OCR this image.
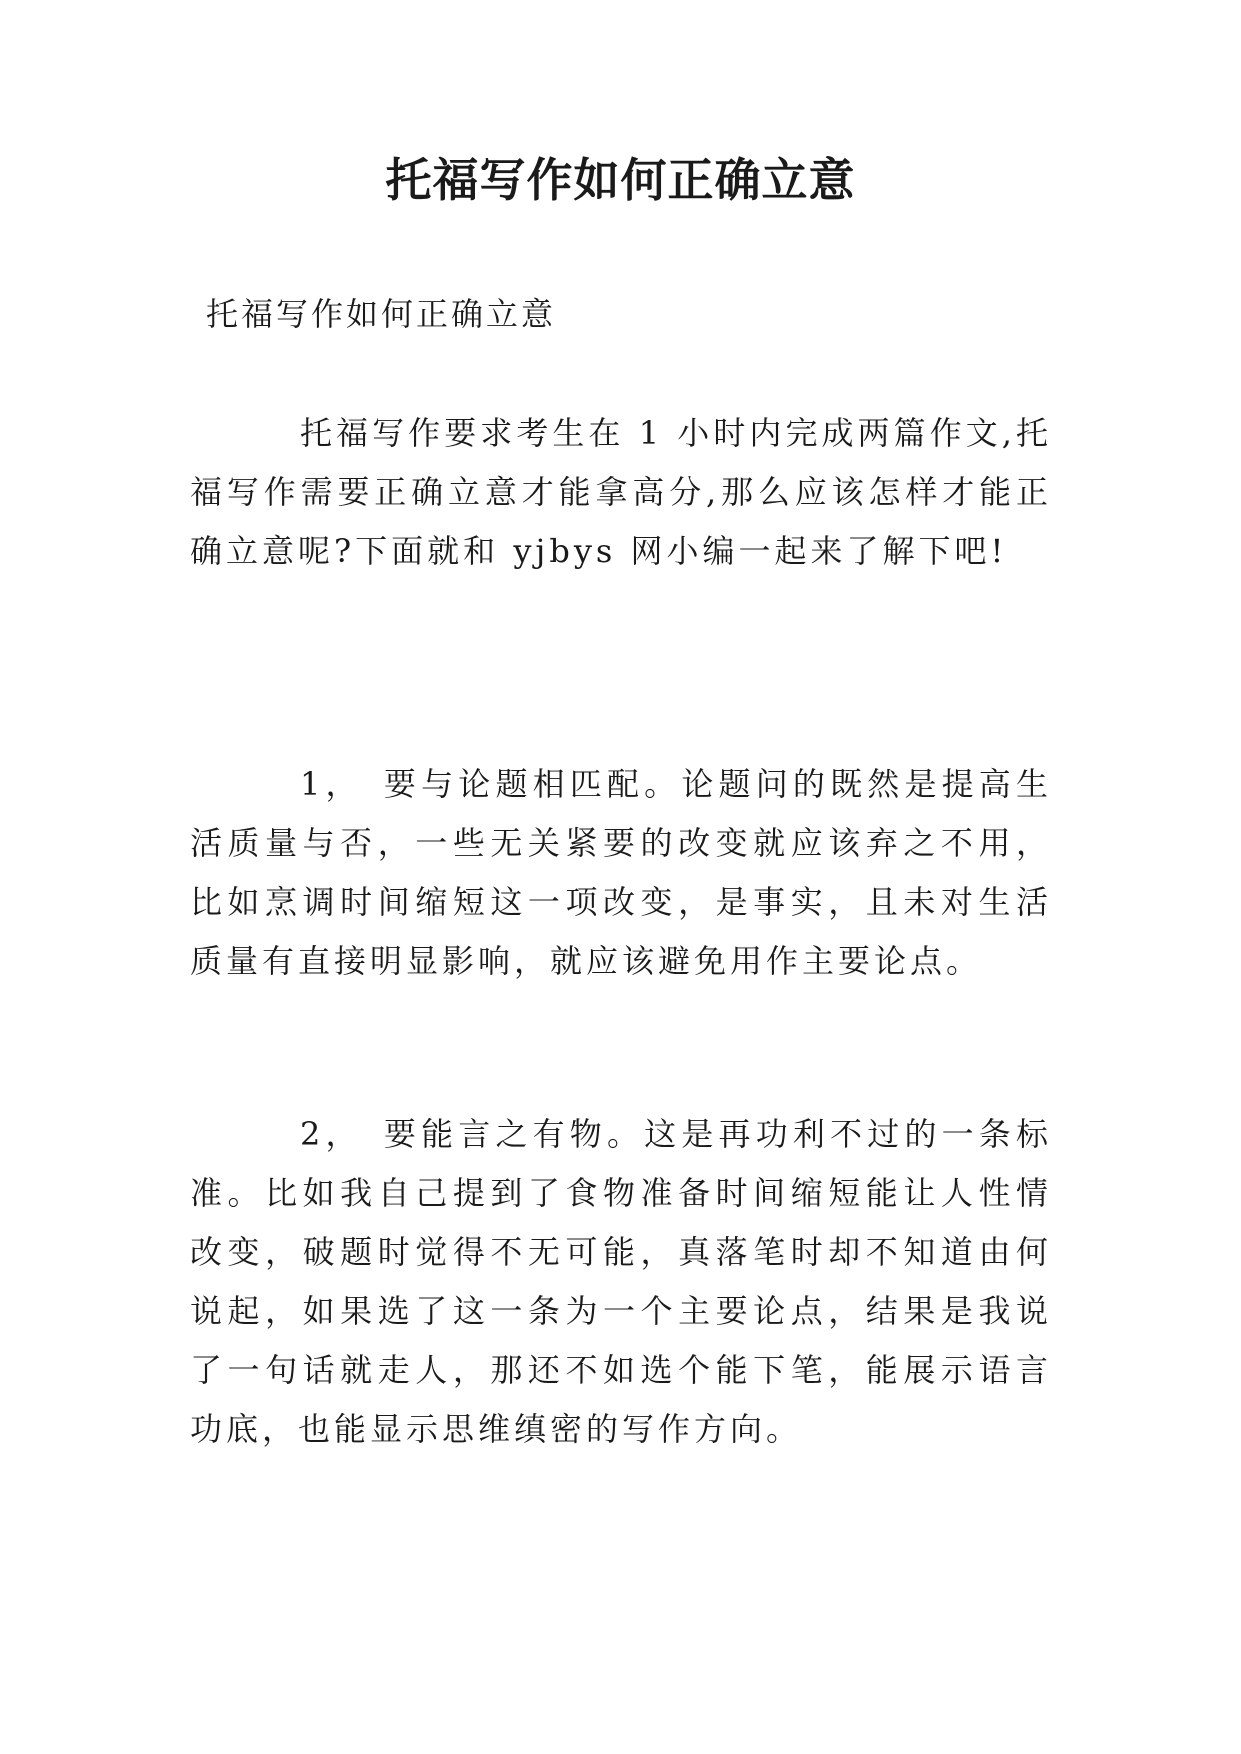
托福写作如何正确立意

托福写作如何正确立意

托福写作要求考生在 1 小时内完成两篇作文,托福写作需要正确立意才能拿高分,那么应该怎样才能正确立意呢?下面就和 yjbys 网小编一起来了解下吧!

1，　要与论题相匹配。论题问的既然是提高生活质量与否，一些无关紧要的改变就应该弃之不用，比如烹调时间缩短这一项改变，是事实，且未对生活质量有直接明显影响，就应该避免用作主要论点。

2，　要能言之有物。这是再功利不过的一条标准。比如我自己提到了食物准备时间缩短能让人性情改变，破题时觉得不无可能，真落笔时却不知道由何说起，如果选了这一条为一个主要论点，结果是我说了一句话就走人，那还不如选个能下笔，能展示语言功底，也能显示思维缜密的写作方向。
